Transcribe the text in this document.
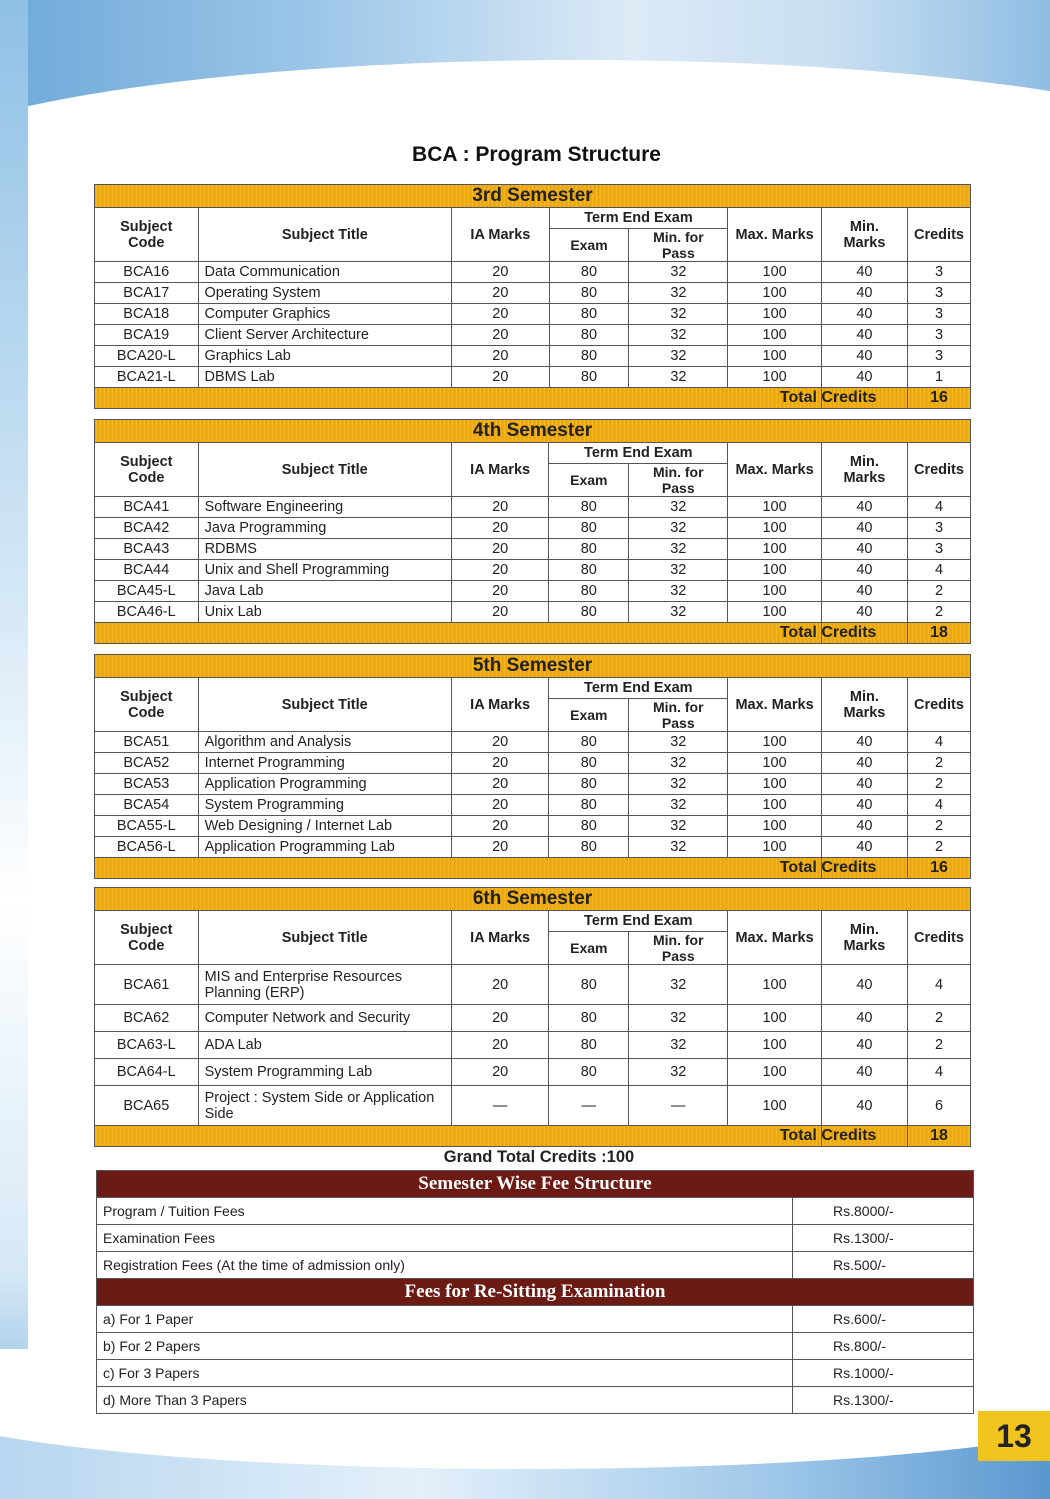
BCA : Program Structure
3rd Semester							
Subject Code	Subject Title	IA Marks	Term End Exam		Max. Marks	Min. Marks	Credits
			Exam	Min. for Pass			
BCA16	Data Communication	20	80	32	100	40	3
BCA17	Operating System	20	80	32	100	40	3
BCA18	Computer Graphics	20	80	32	100	40	3
BCA19	Client Server Architecture	20	80	32	100	40	3
BCA20-L	Graphics Lab	20	80	32	100	40	3
BCA21-L	DBMS Lab	20	80	32	100	40	1
						Total Credits	16
4th Semester							
Subject Code	Subject Title	IA Marks	Term End Exam		Max. Marks	Min. Marks	Credits
			Exam	Min. for Pass			
BCA41	Software Engineering	20	80	32	100	40	4
BCA42	Java Programming	20	80	32	100	40	3
BCA43	RDBMS	20	80	32	100	40	3
BCA44	Unix and Shell Programming	20	80	32	100	40	4
BCA45-L	Java Lab	20	80	32	100	40	2
BCA46-L	Unix Lab	20	80	32	100	40	2
						Total Credits	18
5th Semester							
Subject Code	Subject Title	IA Marks	Term End Exam		Max. Marks	Min. Marks	Credits
			Exam	Min. for Pass			
BCA51	Algorithm and Analysis	20	80	32	100	40	4
BCA52	Internet Programming	20	80	32	100	40	2
BCA53	Application Programming	20	80	32	100	40	2
BCA54	System Programming	20	80	32	100	40	4
BCA55-L	Web Designing / Internet Lab	20	80	32	100	40	2
BCA56-L	Application Programming Lab	20	80	32	100	40	2
						Total Credits	16
6th Semester							
Subject Code	Subject Title	IA Marks	Term End Exam		Max. Marks	Min. Marks	Credits
			Exam	Min. for Pass			
BCA61	MIS and Enterprise Resources Planning (ERP)	20	80	32	100	40	4
BCA62	Computer Network and Security	20	80	32	100	40	2
BCA63-L	ADA Lab	20	80	32	100	40	2
BCA64-L	System Programming Lab	20	80	32	100	40	4
BCA65	Project : System Side or Application Side	—	—	—	100	40	6
						Total Credits	18
Grand Total Credits :100
Semester Wise Fee Structure	
Program / Tuition Fees	Rs.8000/-
Examination Fees	Rs.1300/-
Registration Fees (At the time of admission only)	Rs.500/-
Fees for Re-Sitting Examination	
a) For 1 Paper	Rs.600/-
b) For 2 Papers	Rs.800/-
c) For 3 Papers	Rs.1000/-
d) More Than 3 Papers	Rs.1300/-
13
